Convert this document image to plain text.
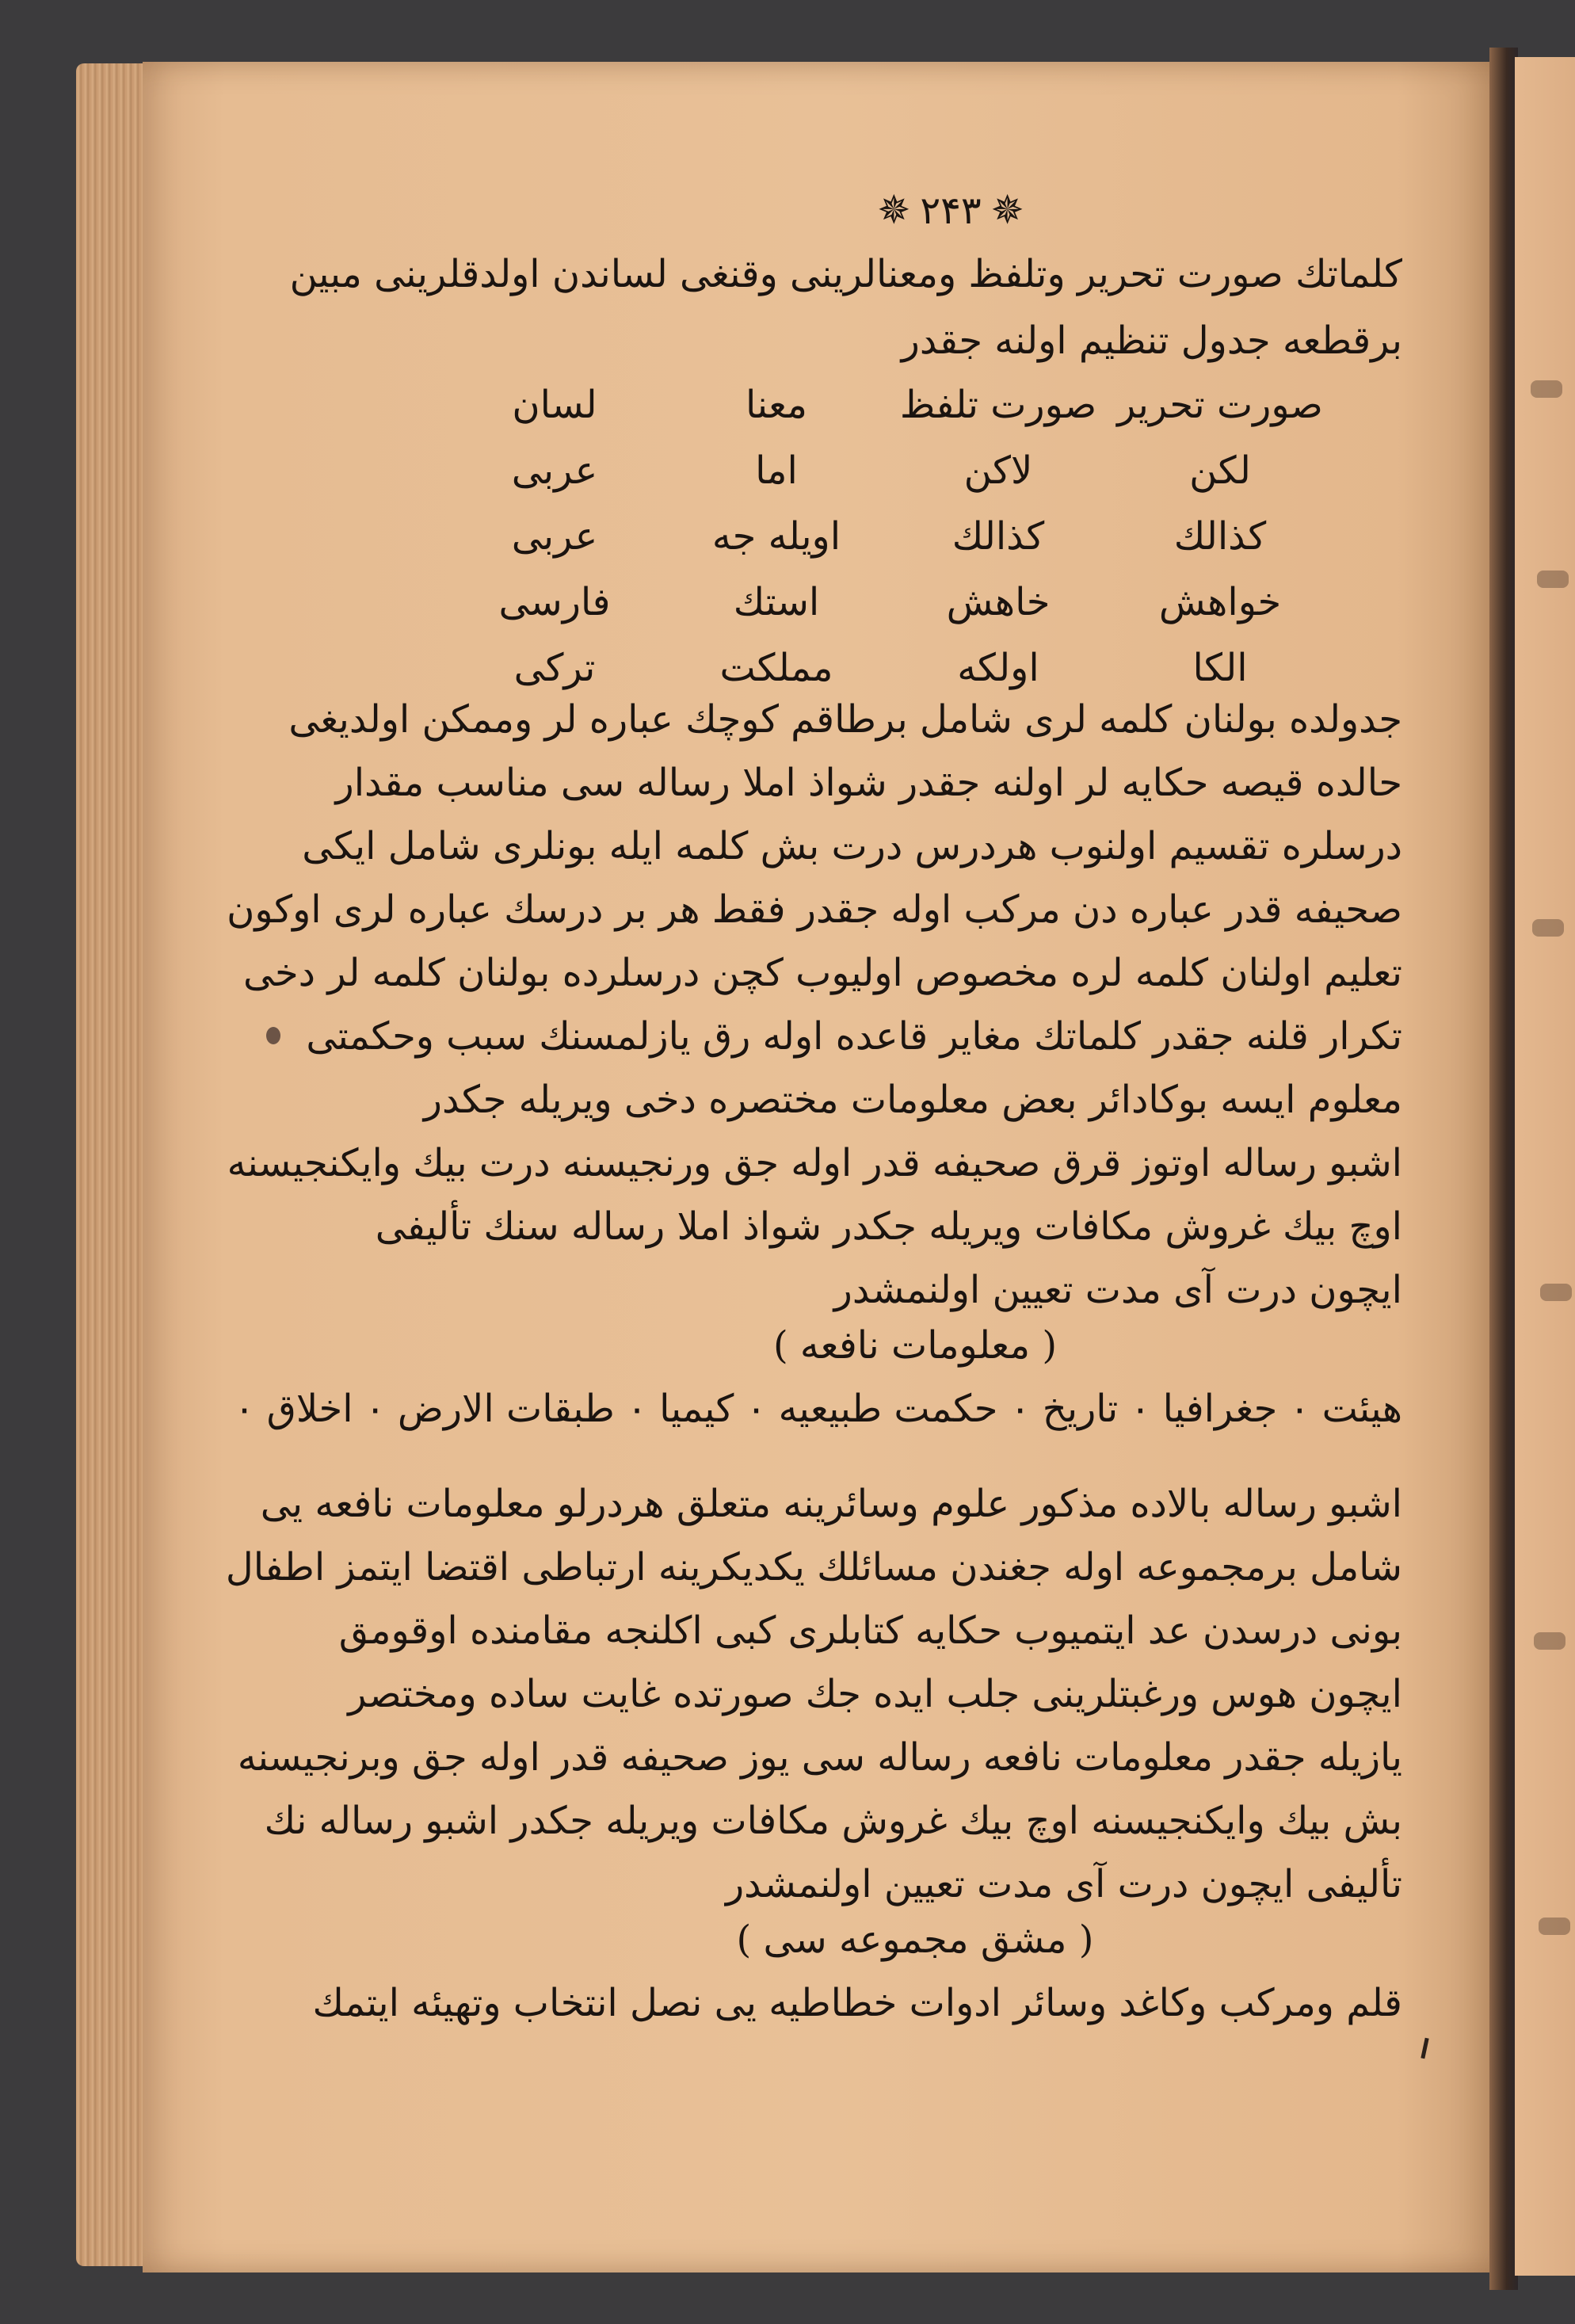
✵ ۲۴۳ ✵
كلماتك صورت تحرير وتلفظ ومعنالرينى وقنغى لساندن اولدقلرينى مبين
برقطعه جدول تنظيم اولنه جقدر
صورت تحرير
صورت تلفظ
معنا
لسان
لكن
لاكن
اما
عربى
كذالك
كذالك
اويله جه
عربى
خواهش
خاهش
استك
فارسى
الكا
اولكه
مملكت
تركى
جدولده بولنان كلمه لرى شامل برطاقم كوچك عباره لر وممكن اولديغى
حالده قيصه حكايه لر اولنه جقدر شواذ املا رساله سى مناسب مقدار
درسلره تقسيم اولنوب هردرس درت بش كلمه ايله بونلرى شامل ايكى
صحيفه قدر عباره دن مركب اوله جقدر فقط هر بر درسك عباره لرى اوكون
تعليم اولنان كلمه لره مخصوص اوليوب كچن درسلرده بولنان كلمه لر دخى
تكرار قلنه جقدر كلماتك مغاير قاعده اوله رق يازلمسنك سبب وحكمتى
معلوم ايسه بوكادائر بعض معلومات مختصره دخى ويريله جكدر
اشبو رساله اوتوز قرق صحيفه قدر اوله جق ورنجيسنه درت بيك وايكنجيسنه
اوچ بيك غروش مكافات ويريله جكدر شواذ املا رساله سنك تأليفى
ايچون درت آى مدت تعيين اولنمشدر
( معلومات نافعه )
هيئت ٠ جغرافيا ٠ تاريخ ٠ حكمت طبيعيه ٠ كيميا ٠ طبقات الارض ٠ اخلاق ٠
اشبو رساله بالاده مذكور علوم وسائرينه متعلق هردرلو معلومات نافعه يى
شامل برمجموعه اوله جغندن مسائلك يكديكرينه ارتباطى اقتضا ايتمز اطفال
بونى درسدن عد ايتميوب حكايه كتابلرى كبى اكلنجه مقامنده اوقومق
ايچون هوس ورغبتلرينى جلب ايده جك صورتده غايت ساده ومختصر
يازيله جقدر معلومات نافعه رساله سى يوز صحيفه قدر اوله جق وبرنجيسنه
بش بيك وايكنجيسنه اوچ بيك غروش مكافات ويريله جكدر اشبو رساله نك
تأليفى ايچون درت آى مدت تعيين اولنمشدر
( مشق مجموعه سى )
قلم ومركب وكاغد وسائر ادوات خطاطيه يى نصل انتخاب وتهيئه ايتمك
